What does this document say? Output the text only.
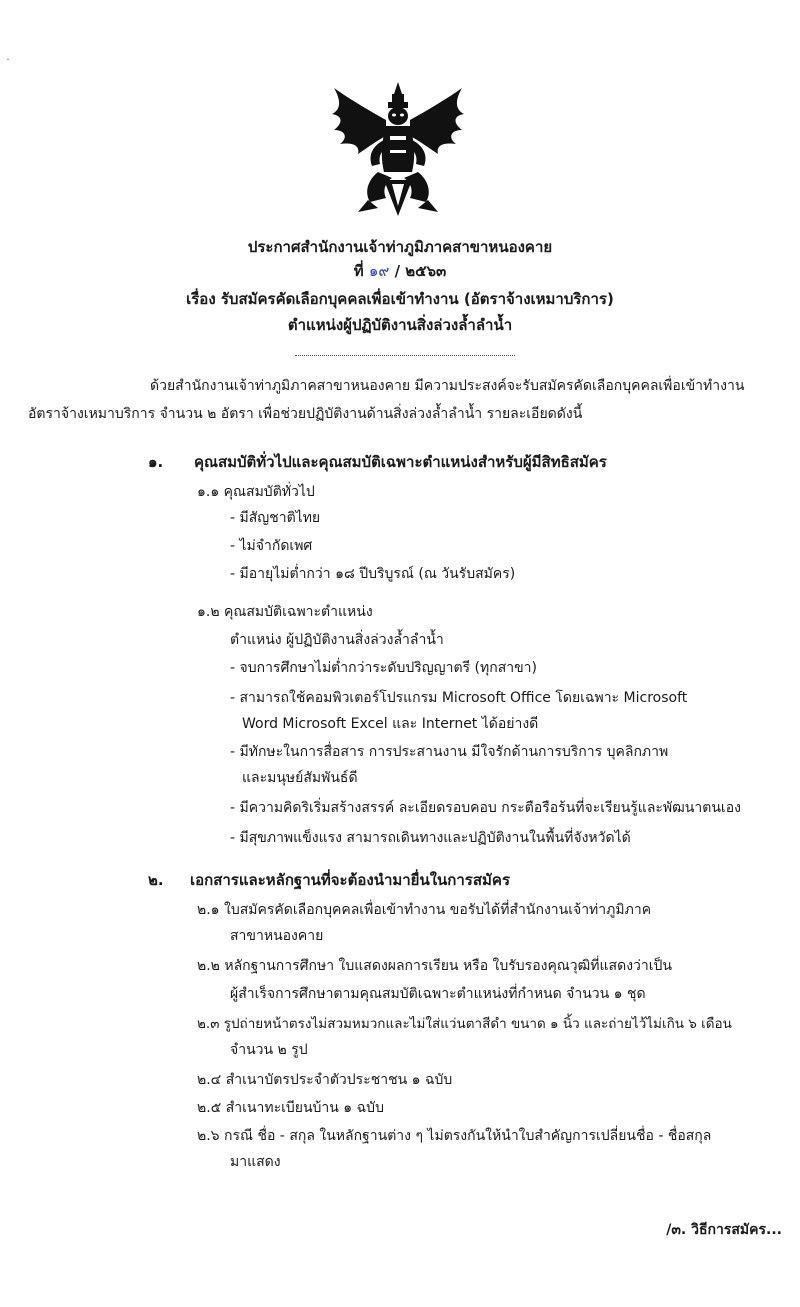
ˇ
ประกาศสำนักงานเจ้าท่าภูมิภาคสาขาหนองคาย
ที่ ๑๙ / ๒๕๖๓
เรื่อง รับสมัครคัดเลือกบุคคลเพื่อเข้าทำงาน (อัตราจ้างเหมาบริการ)
ตำแหน่งผู้ปฏิบัติงานสิ่งล่วงล้ำลำน้ำ
ด้วยสำนักงานเจ้าท่าภูมิภาคสาขาหนองคาย มีความประสงค์จะรับสมัครคัดเลือกบุคคลเพื่อเข้าทำงาน
อัตราจ้างเหมาบริการ จำนวน ๒ อัตรา เพื่อช่วยปฏิบัติงานด้านสิ่งล่วงล้ำลำน้ำ รายละเอียดดังนี้
๑. คุณสมบัติทั่วไปและคุณสมบัติเฉพาะตำแหน่งสำหรับผู้มีสิทธิสมัคร
๑.๑ คุณสมบัติทั่วไป
- มีสัญชาติไทย
- ไม่จำกัดเพศ
- มีอายุไม่ต่ำกว่า ๑๘ ปีบริบูรณ์ (ณ วันรับสมัคร)
๑.๒ คุณสมบัติเฉพาะตำแหน่ง
ตำแหน่ง ผู้ปฏิบัติงานสิ่งล่วงล้ำลำน้ำ
- จบการศึกษาไม่ต่ำกว่าระดับปริญญาตรี (ทุกสาขา)
- สามารถใช้คอมพิวเตอร์โปรแกรม Microsoft Office โดยเฉพาะ Microsoft
Word Microsoft Excel และ Internet ได้อย่างดี
- มีทักษะในการสื่อสาร การประสานงาน มีใจรักด้านการบริการ บุคลิกภาพ
และมนุษย์สัมพันธ์ดี
- มีความคิดริเริ่มสร้างสรรค์ ละเอียดรอบคอบ กระตือรือร้นที่จะเรียนรู้และพัฒนาตนเอง
- มีสุขภาพแข็งแรง สามารถเดินทางและปฏิบัติงานในพื้นที่จังหวัดได้
๒. เอกสารและหลักฐานที่จะต้องนำมายื่นในการสมัคร
๒.๑ ใบสมัครคัดเลือกบุคคลเพื่อเข้าทำงาน ขอรับได้ที่สำนักงานเจ้าท่าภูมิภาค
สาขาหนองคาย
๒.๒ หลักฐานการศึกษา ใบแสดงผลการเรียน หรือ ใบรับรองคุณวุฒิที่แสดงว่าเป็น
ผู้สำเร็จการศึกษาตามคุณสมบัติเฉพาะตำแหน่งที่กำหนด จำนวน ๑ ชุด
๒.๓ รูปถ่ายหน้าตรงไม่สวมหมวกและไม่ใส่แว่นตาสีดำ ขนาด ๑ นิ้ว และถ่ายไว้ไม่เกิน ๖ เดือน
จำนวน ๒ รูป
๒.๔ สำเนาบัตรประจำตัวประชาชน ๑ ฉบับ
๒.๕ สำเนาทะเบียนบ้าน ๑ ฉบับ
๒.๖ กรณี ชื่อ - สกุล ในหลักฐานต่าง ๆ ไม่ตรงกันให้นำใบสำคัญการเปลี่ยนชื่อ - ชื่อสกุล
มาแสดง
/๓. วิธีการสมัคร...
